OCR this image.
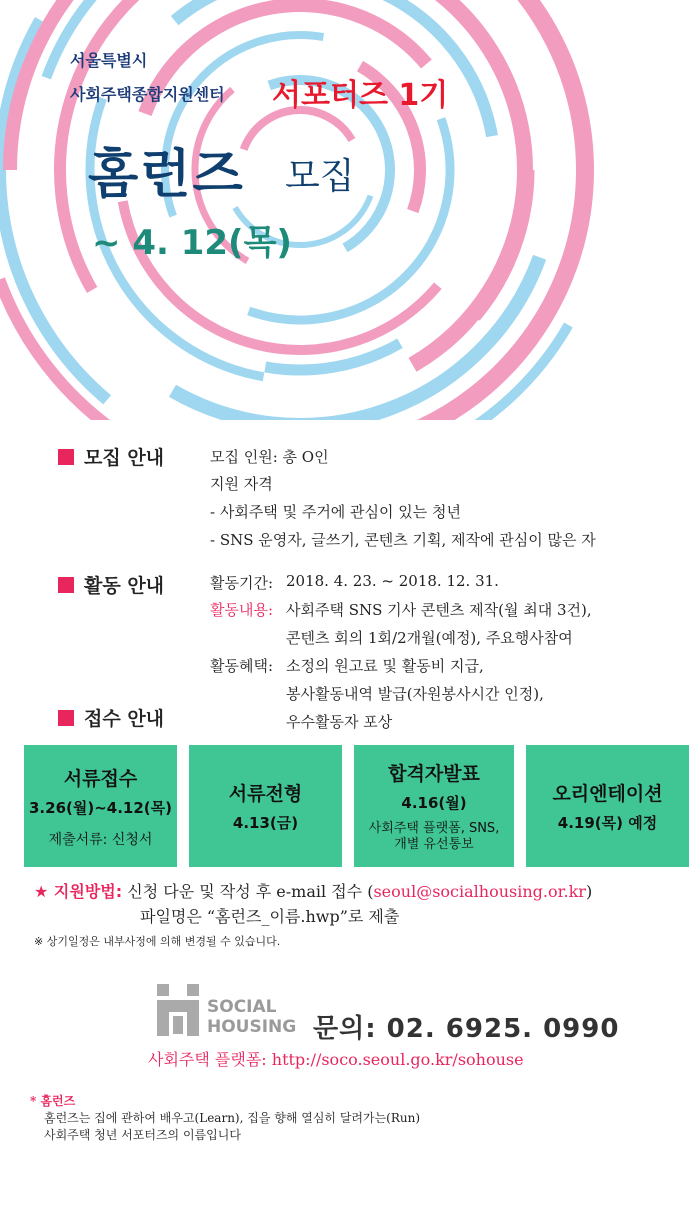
서울특별시
사회주택종합지원센터 서포터즈 1기
홈런즈 모집
~ 4. 12(목)
모집 안내	모집 인원: 총 O인
지원 자격
- 사회주택 및 주거에 관심이 있는 청년
- SNS 운영자, 글쓰기, 콘텐츠 기획, 제작에 관심이 많은 자
활동 안내	활동기간: 2018. 4. 23. ~ 2018. 12. 31.
활동내용: 사회주택 SNS 기사 콘텐츠 제작(월 최대 3건),
콘텐츠 회의 1회/2개월(예정), 주요행사참여
활동혜택: 소정의 원고료 및 활동비 지급,
봉사활동내역 발급(자원봉사시간 인정),
우수활동자 포상
접수 안내
서류접수
3.26(월)~4.12(목)
제출서류: 신청서
서류전형
4.13(금)
합격자발표
4.16(월)
사회주택 플랫폼, SNS,
개별 유선통보
오리엔테이션
4.19(목) 예정
★ 지원방법: 신청 다운 및 작성 후 e-mail 접수 (seoul@socialhousing.or.kr)
파일명은 “홈런즈_이름.hwp”로 제출
※ 상기일정은 내부사정에 의해 변경될 수 있습니다.
SOCIAL
HOUSING 문의: 02. 6925. 0990
사회주택 플랫폼: http://soco.seoul.go.kr/sohouse
* 홈런즈
홈런즈는 집에 관하여 배우고(Learn), 집을 향해 열심히 달려가는(Run)
사회주택 청년 서포터즈의 이름입니다
